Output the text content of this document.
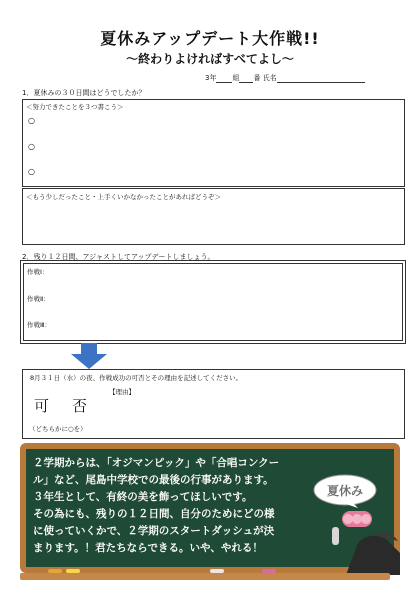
夏休みアップデート大作戦!!
～終わりよければすべてよし～
3年 組 番 氏名
1．夏休みの３０日間はどうでしたか？
＜努力できたことを３つ書こう＞
○
○
○
＜もう少しだったこと・上手くいかなかったことがあればどうぞ＞
2．残り１２日間、アジャストしてアップデートしましょう。
作戦Ⅰ：
作戦Ⅱ：
作戦Ⅲ：
8月３１日（水）の夜、作戦成功の可否とその理由を記述してください。
可 否
【理由】
（どちらかに○を）
２学期からは、「オジマンピック」や「合唱コンクー
ル」など、尾島中学校での最後の行事があります。
３年生として、有終の美を飾ってほしいです。
その為にも、残りの１２日間、自分のためにどの様
に使っていくかで、２学期のスタートダッシュが決
まります。！君たちならできる。いや、やれる！
夏休み
